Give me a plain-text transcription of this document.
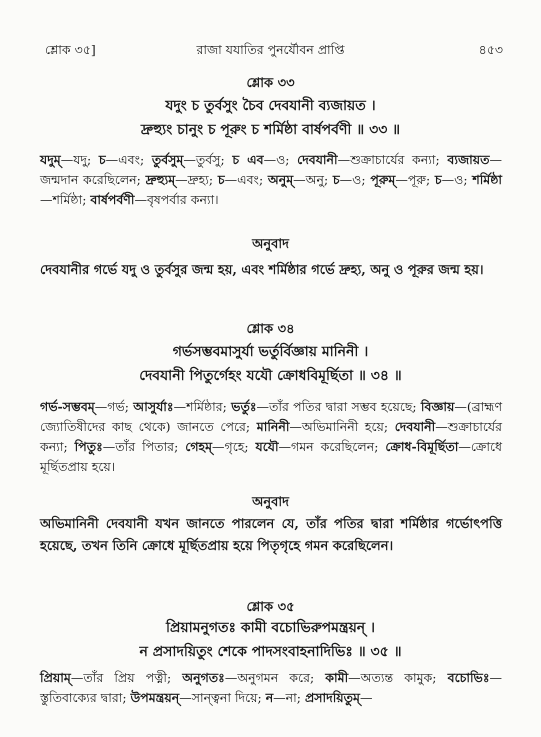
শ্লোক ৩৫]	রাজা যযাতির পুনর্যৌবন প্রাপ্তি	৪৫৩
শ্লোক ৩৩
যদুং চ তুর্বসুং চৈব দেবযানী ব্যজায়ত ।
দ্রুহ্যুং চানুং চ পূরুং চ শর্মিষ্ঠা বার্ষপর্বণী ॥ ৩৩ ॥

যদুম্—যদু; চ—এবং; তুর্বসুম্—তুর্বসু; চ এব—ও; দেবযানী—শুক্রাচার্যের কন্যা; ব্যজায়ত—জন্মদান করেছিলেন; দ্রুহ্যুম্—দ্রুহ্য; চ—এবং; অনুম্—অনু; চ—ও; পূরুম্—পূরু; চ—ও; শর্মিষ্ঠা—শর্মিষ্ঠা; বার্ষপর্বণী—বৃষপর্বার কন্যা।

অনুবাদ

দেবযানীর গর্ভে যদু ও তুর্বসুর জন্ম হয়, এবং শর্মিষ্ঠার গর্ভে দ্রুহ্য, অনু ও পূরুর জন্ম হয়।

শ্লোক ৩৪
গর্ভসম্ভবমাসুর্যা ভর্তুর্বিজ্ঞায় মানিনী ।
দেবযানী পিতুর্গেহং যযৌ ক্রোধবিমূর্ছিতা ॥ ৩৪ ॥

গর্ভ-সম্ভবম্—গর্ভ; আসুর্যাঃ—শর্মিষ্ঠার; ভর্তুঃ—তাঁর পতির দ্বারা সম্ভব হয়েছে; বিজ্ঞায়—(ব্রাহ্মণ জ্যোতিষীদের কাছ থেকে) জানতে পেরে; মানিনী—অভিমানিনী হয়ে; দেবযানী—শুক্রাচার্যের কন্যা; পিতুঃ—তাঁর পিতার; গেহম্—গৃহে; যযৌ—গমন করেছিলেন; ক্রোধ-বিমূর্ছিতা—ক্রোধে মূর্ছিতপ্রায় হয়ে।

অনুবাদ

অভিমানিনী দেবযানী যখন জানতে পারলেন যে, তাঁর পতির দ্বারা শর্মিষ্ঠার গর্ভোৎপত্তি হয়েছে, তখন তিনি ক্রোধে মূর্ছিতপ্রায় হয়ে পিতৃগৃহে গমন করেছিলেন।

শ্লোক ৩৫
প্রিয়ামনুগতঃ কামী বচোভিরুপমন্ত্রয়ন্ ।
ন প্রসাদয়িতুং শেকে পাদসংবাহনাদিভিঃ ॥ ৩৫ ॥

প্রিয়াম্—তাঁর প্রিয় পত্নী; অনুগতঃ—অনুগমন করে; কামী—অত্যন্ত কামুক; বচোভিঃ—স্তুতিবাক্যের দ্বারা; উপমন্ত্রয়ন্—সান্ত্বনা দিয়ে; ন—না; প্রসাদয়িতুম্—
